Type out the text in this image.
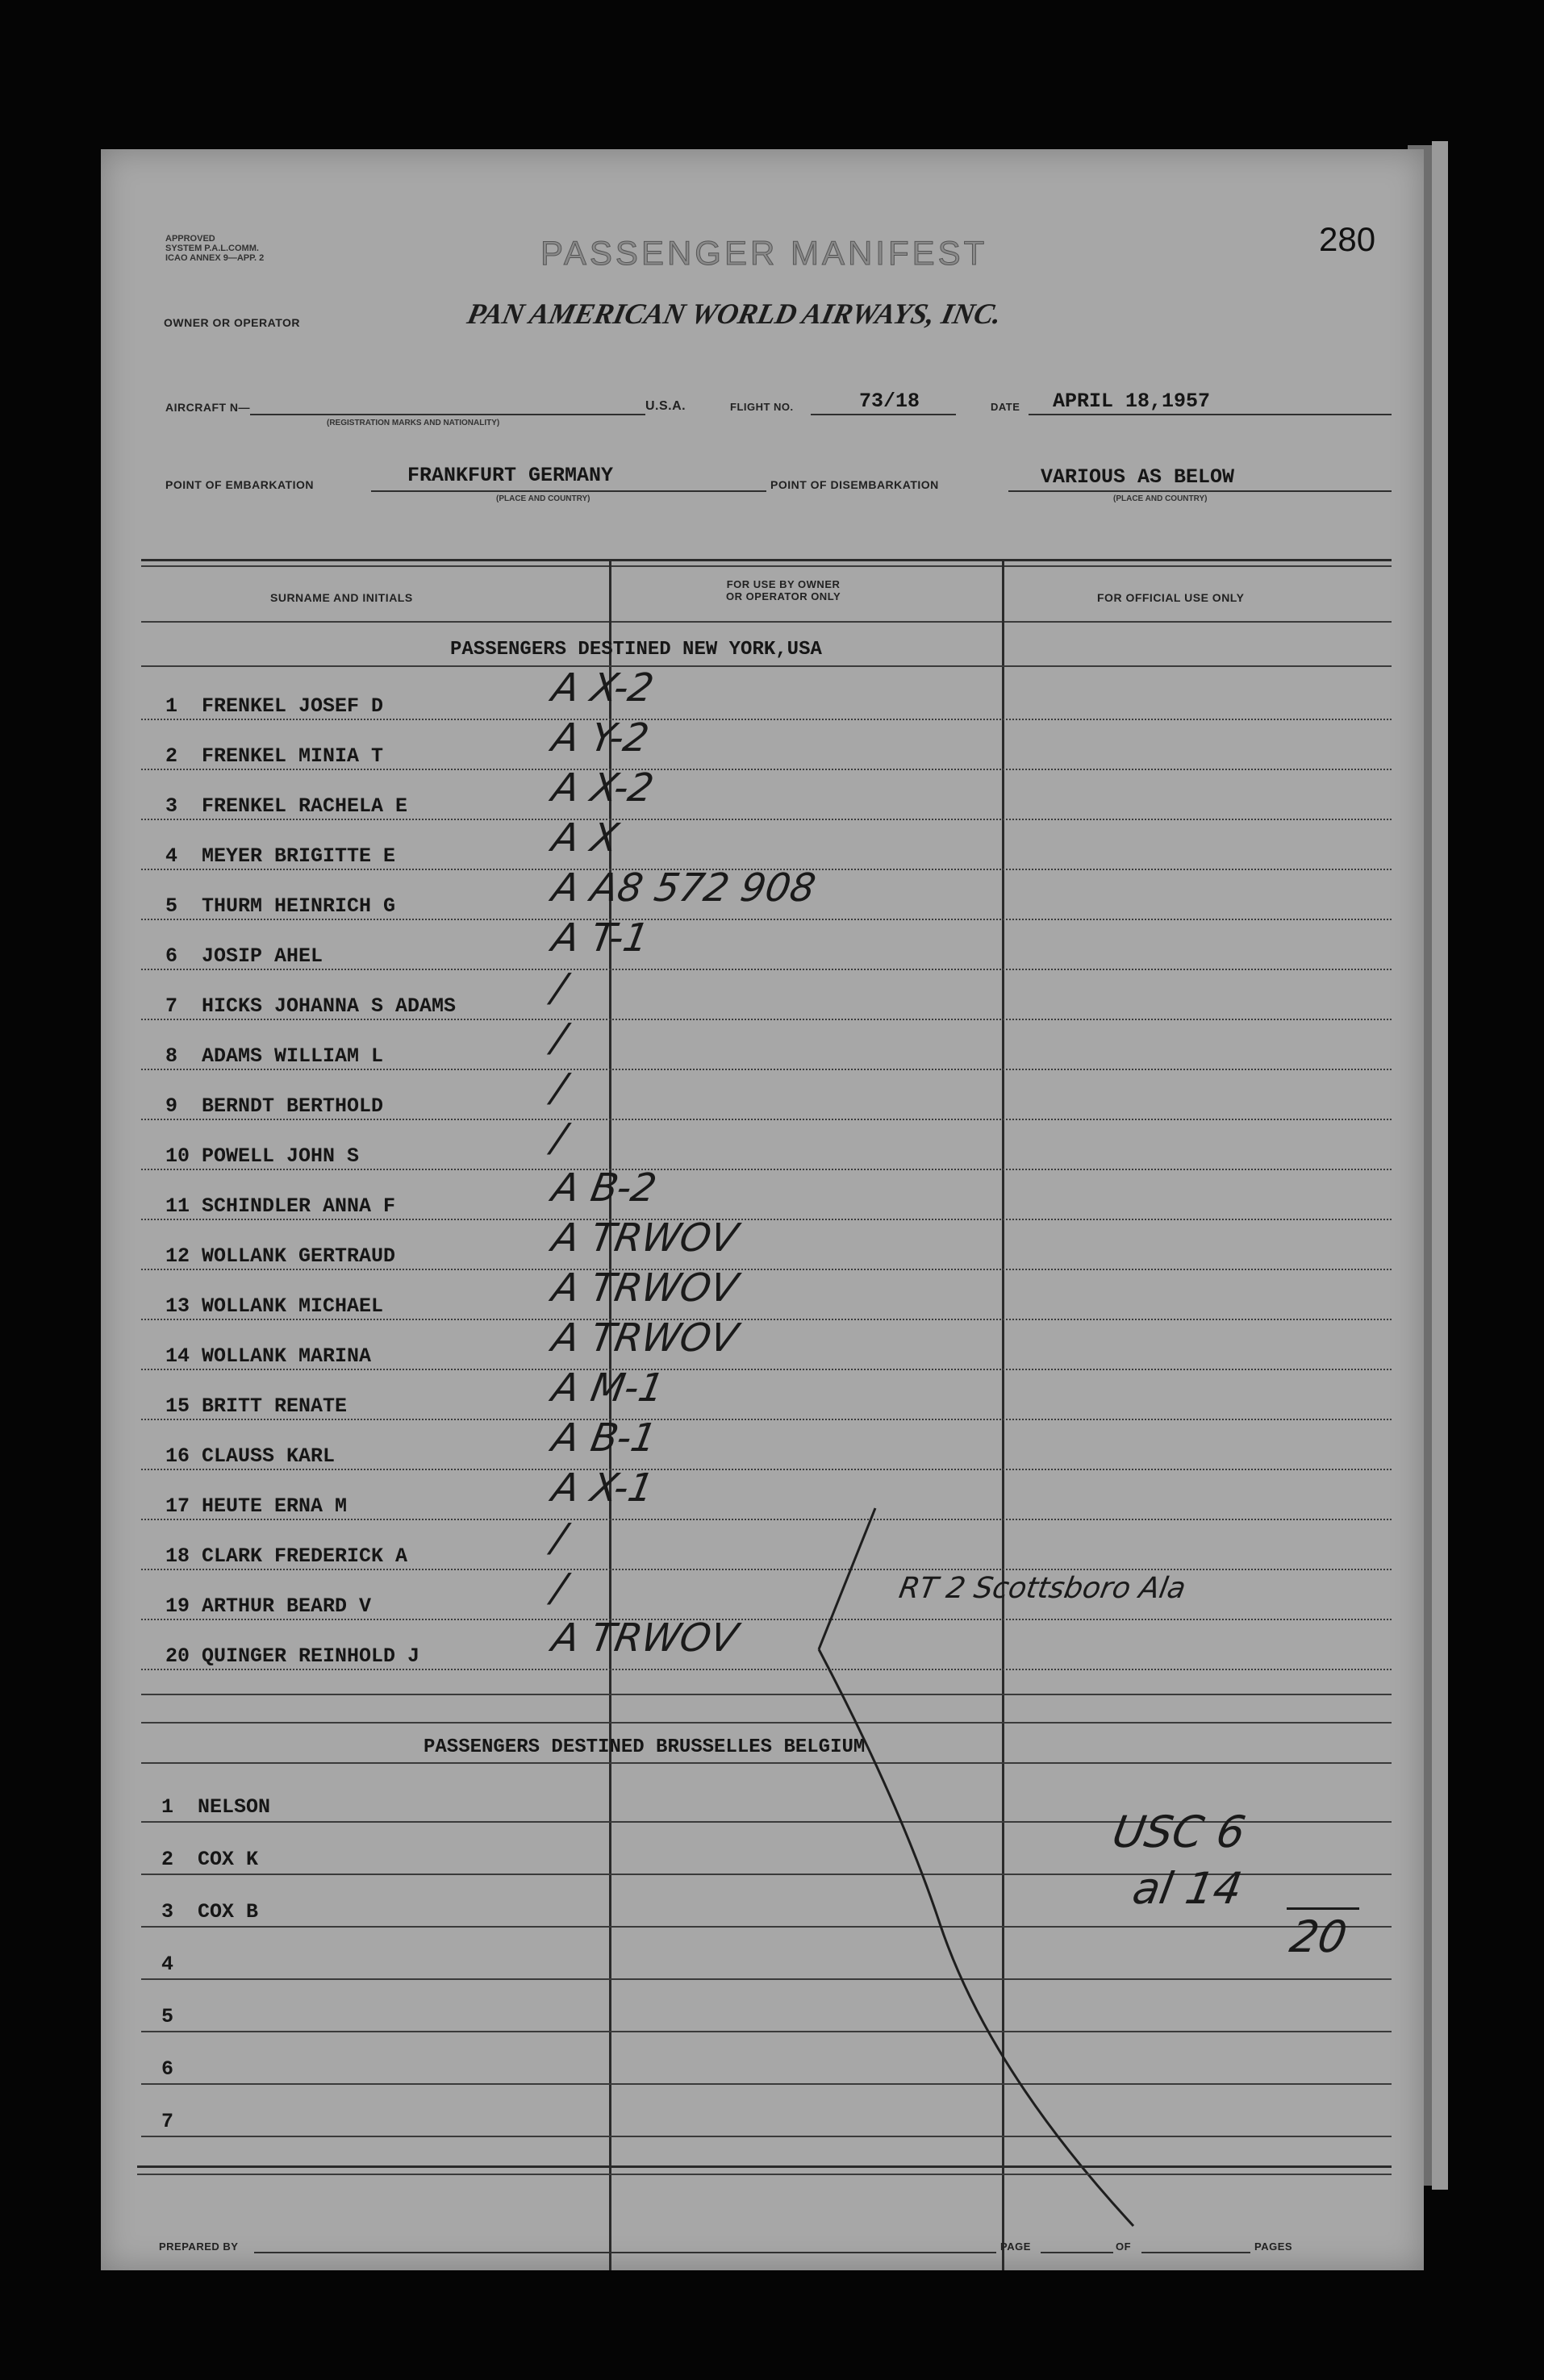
APPROVED
SYSTEM P.A.L.COMM.
ICAO ANNEX 9—APP. 2	PASSENGER MANIFEST	280
OWNER OR OPERATOR	PAN AMERICAN WORLD AIRWAYS, INC.
AIRCRAFT N—
(REGISTRATION MARKS AND NATIONALITY)
U.S.A.	FLIGHT NO.	73/18	DATE APRIL 18,1957
POINT OF EMBARKATION	FRANKFURT GERMANY
(PLACE AND COUNTRY)
POINT OF DISEMBARKATION	VARIOUS AS BELOW
(PLACE AND COUNTRY)
SURNAME AND INITIALS
FOR USE BY OWNER
OR OPERATOR ONLY	FOR OFFICIAL USE ONLY
PASSENGERS DESTINED NEW YORK,USA
1	FRENKEL JOSEF D	A X-2
2	FRENKEL MINIA T	A Y-2
3	FRENKEL RACHELA E	A X-2
4	MEYER BRIGITTE E	A X
5	THURM HEINRICH G	A A8 572 908
6	JOSIP AHEL	A T-1
7	HICKS JOHANNA S ADAMS /
8	ADAMS WILLIAM L	/
9	BERNDT BERTHOLD	/
10 POWELL JOHN S	/
11 SCHINDLER ANNA F	A B-2
12 WOLLANK GERTRAUD	A TRWOV
13 WOLLANK MICHAEL	A TRWOV
14 WOLLANK MARINA	A TRWOV
15 BRITT RENATE	A M-1
16 CLAUSS KARL	A B-1
17 HEUTE ERNA M	A X-1
18 CLARK FREDERICK A	/
19 ARTHUR BEARD V	/	RT 2 Scottsboro Ala
20 QUINGER REINHOLD J	A TRWOV
PASSENGERS DESTINED BRUSSELLES BELGIUM
1	NELSON
2	COX K
3	COX B
4
5
6
7
USC 6
al 14
20
PREPARED BY	PAGE	OF	PAGES
